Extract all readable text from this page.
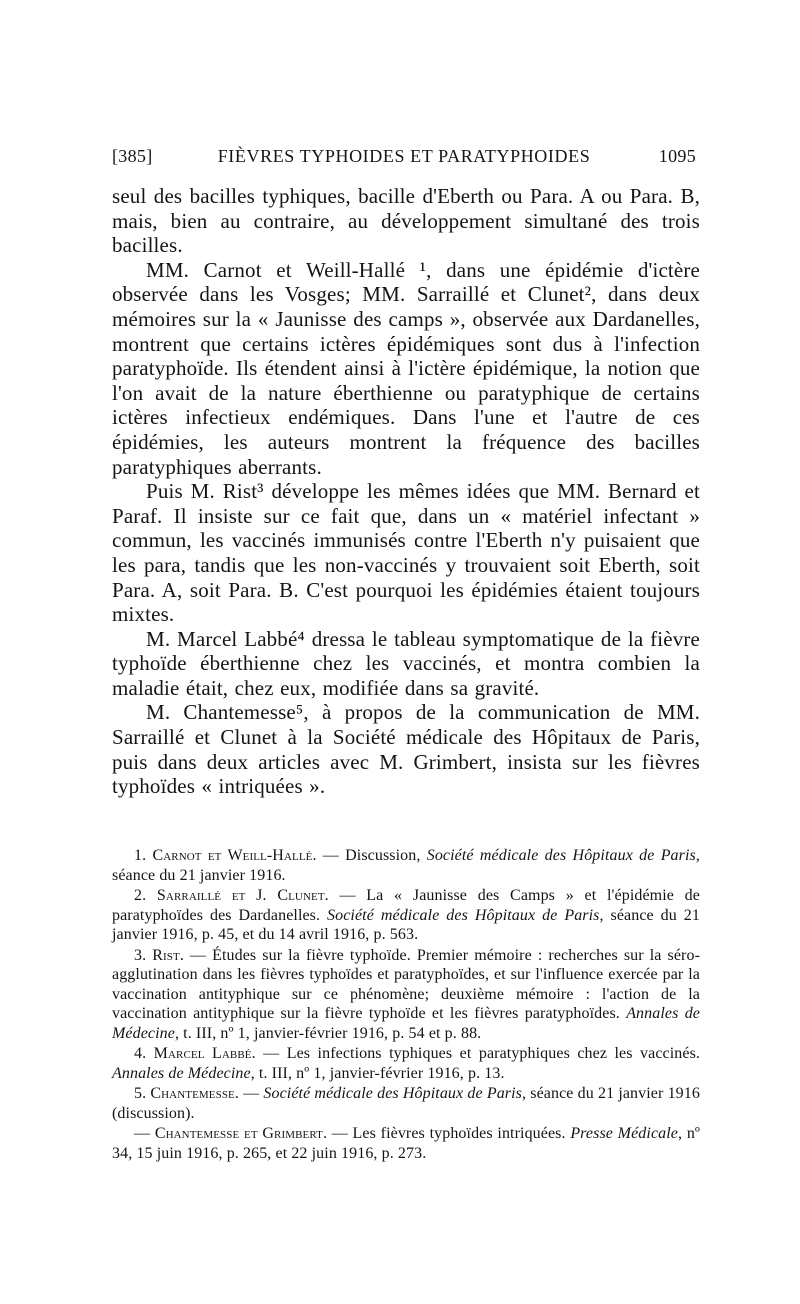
[385]	FIÈVRES TYPHOIDES ET PARATYPHOIDES	1095

seul des bacilles typhiques, bacille d'Eberth ou Para. A ou Para. B, mais, bien au contraire, au développement simultané des trois bacilles.

MM. Carnot et Weill-Hallé ¹, dans une épidémie d'ictère observée dans les Vosges; MM. Sarraillé et Clunet², dans deux mémoires sur la « Jaunisse des camps », observée aux Dardanelles, montrent que certains ictères épidémiques sont dus à l'infection paratyphoïde. Ils étendent ainsi à l'ictère épidémique, la notion que l'on avait de la nature éberthienne ou paratyphique de certains ictères infectieux endémiques. Dans l'une et l'autre de ces épidémies, les auteurs montrent la fréquence des bacilles paratyphiques aberrants.

Puis M. Rist³ développe les mêmes idées que MM. Bernard et Paraf. Il insiste sur ce fait que, dans un « matériel infectant » commun, les vaccinés immunisés contre l'Eberth n'y puisaient que les para, tandis que les non-vaccinés y trouvaient soit Eberth, soit Para. A, soit Para. B. C'est pourquoi les épidémies étaient toujours mixtes.

M. Marcel Labbé⁴ dressa le tableau symptomatique de la fièvre typhoïde éberthienne chez les vaccinés, et montra combien la maladie était, chez eux, modifiée dans sa gravité.

M. Chantemesse⁵, à propos de la communication de MM. Sarraillé et Clunet à la Société médicale des Hôpitaux de Paris, puis dans deux articles avec M. Grimbert, insista sur les fièvres typhoïdes « intriquées ».

1. Carnot et Weill-Hallé. — Discussion, Société médicale des Hôpitaux de Paris, séance du 21 janvier 1916.

2. Sarraillé et J. Clunet. — La « Jaunisse des Camps » et l'épidémie de paratyphoïdes des Dardanelles. Société médicale des Hôpitaux de Paris, séance du 21 janvier 1916, p. 45, et du 14 avril 1916, p. 563.

3. Rist. — Études sur la fièvre typhoïde. Premier mémoire : recherches sur la séro-agglutination dans les fièvres typhoïdes et paratyphoïdes, et sur l'influence exercée par la vaccination antityphique sur ce phénomène; deuxième mémoire : l'action de la vaccination antityphique sur la fièvre typhoïde et les fièvres paratyphoïdes. Annales de Médecine, t. III, nº 1, janvier-février 1916, p. 54 et p. 88.

4. Marcel Labbé. — Les infections typhiques et paratyphiques chez les vaccinés. Annales de Médecine, t. III, nº 1, janvier-février 1916, p. 13.

5. Chantemesse. — Société médicale des Hôpitaux de Paris, séance du 21 janvier 1916 (discussion).

— Chantemesse et Grimbert. — Les fièvres typhoïdes intriquées. Presse Médicale, nº 34, 15 juin 1916, p. 265, et 22 juin 1916, p. 273.
